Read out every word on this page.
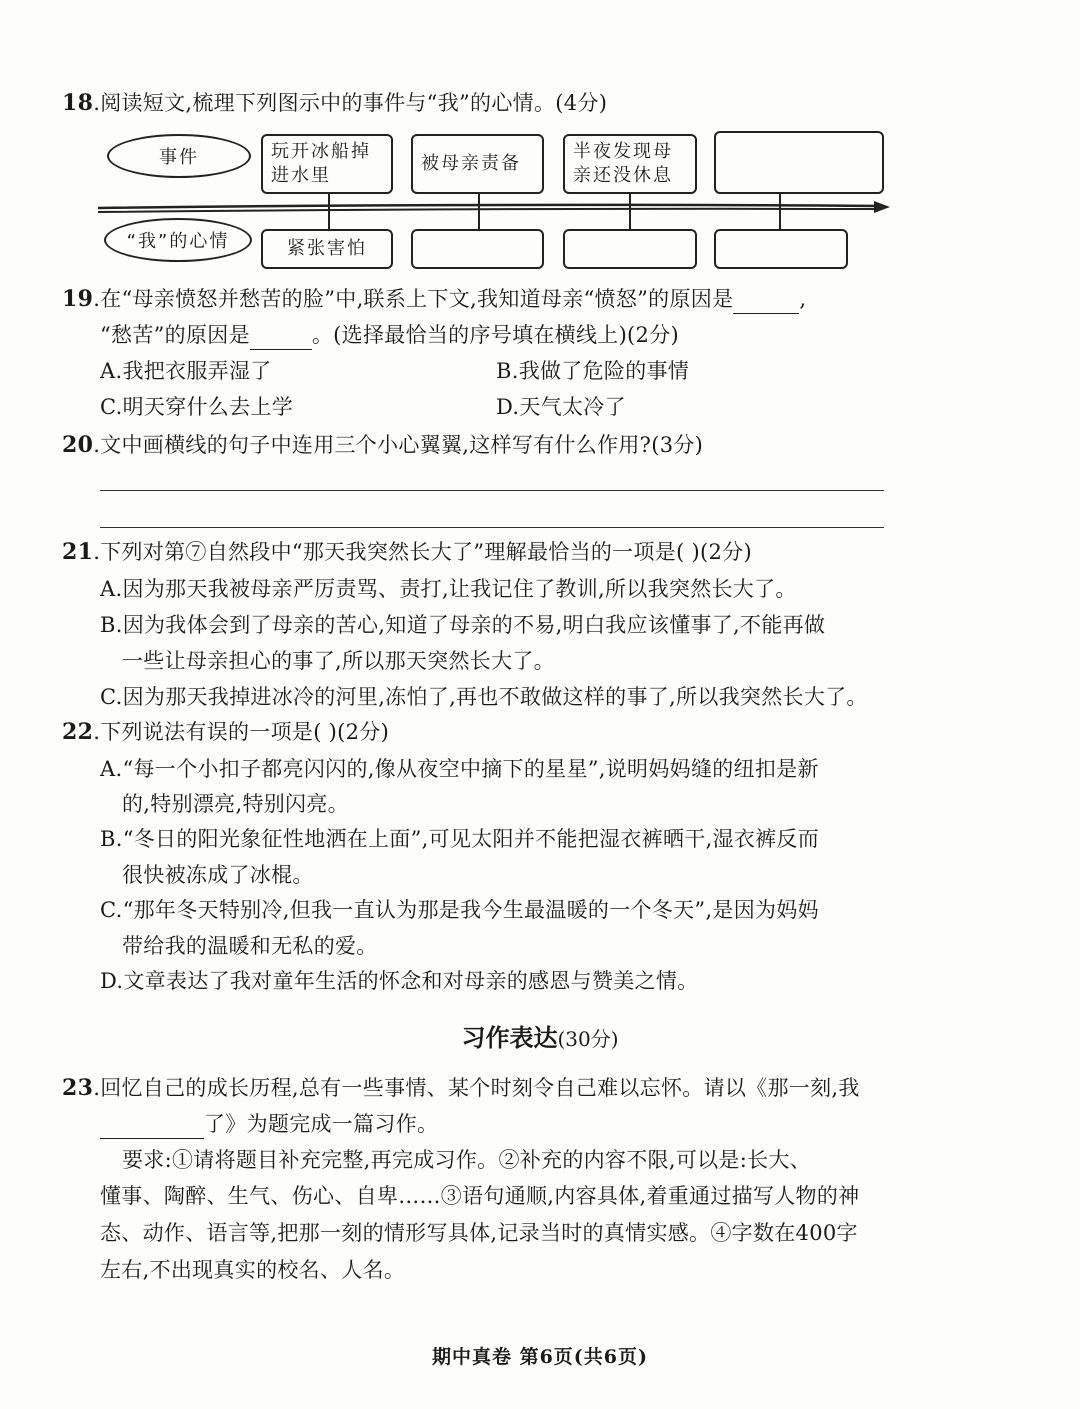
18.阅读短文,梳理下列图示中的事件与“我”的心情。(4分)
事件
“我”的心情
玩开冰船掉进水里
被母亲责备
半夜发现母亲还没休息
紧张害怕
19.在“母亲愤怒并愁苦的脸”中,联系上下文,我知道母亲“愤怒”的原因是	,
“愁苦”的原因是	。(选择最恰当的序号填在横线上)(2分)
A.我把衣服弄湿了	B.我做了危险的事情
C.明天穿什么去上学	D.天气太冷了
20.文中画横线的句子中连用三个小心翼翼,这样写有什么作用?(3分)
21.下列对第⑦自然段中“那天我突然长大了”理解最恰当的一项是( )(2分)
A.因为那天我被母亲严厉责骂、责打,让我记住了教训,所以我突然长大了。
B.因为我体会到了母亲的苦心,知道了母亲的不易,明白我应该懂事了,不能再做
一些让母亲担心的事了,所以那天突然长大了。
C.因为那天我掉进冰冷的河里,冻怕了,再也不敢做这样的事了,所以我突然长大了。
22.下列说法有误的一项是( )(2分)
A.“每一个小扣子都亮闪闪的,像从夜空中摘下的星星”,说明妈妈缝的纽扣是新
的,特别漂亮,特别闪亮。
B.“冬日的阳光象征性地洒在上面”,可见太阳并不能把湿衣裤晒干,湿衣裤反而
很快被冻成了冰棍。
C.“那年冬天特别冷,但我一直认为那是我今生最温暖的一个冬天”,是因为妈妈
带给我的温暖和无私的爱。
D.文章表达了我对童年生活的怀念和对母亲的感恩与赞美之情。
习作表达(30分)
23.回忆自己的成长历程,总有一些事情、某个时刻令自己难以忘怀。请以《那一刻,我
了》为题完成一篇习作。
要求:①请将题目补充完整,再完成习作。②补充的内容不限,可以是:长大、
懂事、陶醉、生气、伤心、自卑……③语句通顺,内容具体,着重通过描写人物的神
态、动作、语言等,把那一刻的情形写具体,记录当时的真情实感。④字数在400字
左右,不出现真实的校名、人名。
期中真卷 第6页(共6页)
